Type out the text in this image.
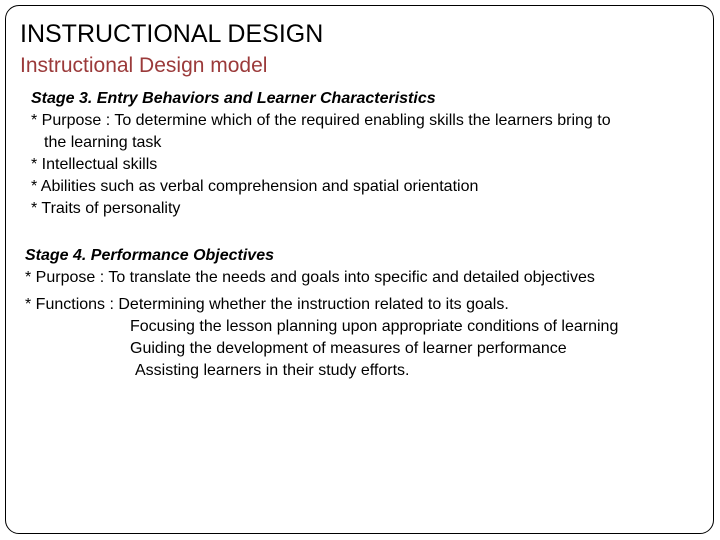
INSTRUCTIONAL DESIGN
Instructional Design model
Stage 3. Entry Behaviors and Learner Characteristics
* Purpose : To determine which of the required enabling skills the learners bring to
the learning task
* Intellectual skills
* Abilities such as verbal comprehension and spatial orientation
* Traits of personality
Stage 4. Performance Objectives
* Purpose : To translate the needs and goals into specific and detailed objectives
* Functions : Determining whether the instruction related to its goals.
Focusing the lesson planning upon appropriate conditions of learning
Guiding the development of measures of learner performance
Assisting learners in their study efforts.
